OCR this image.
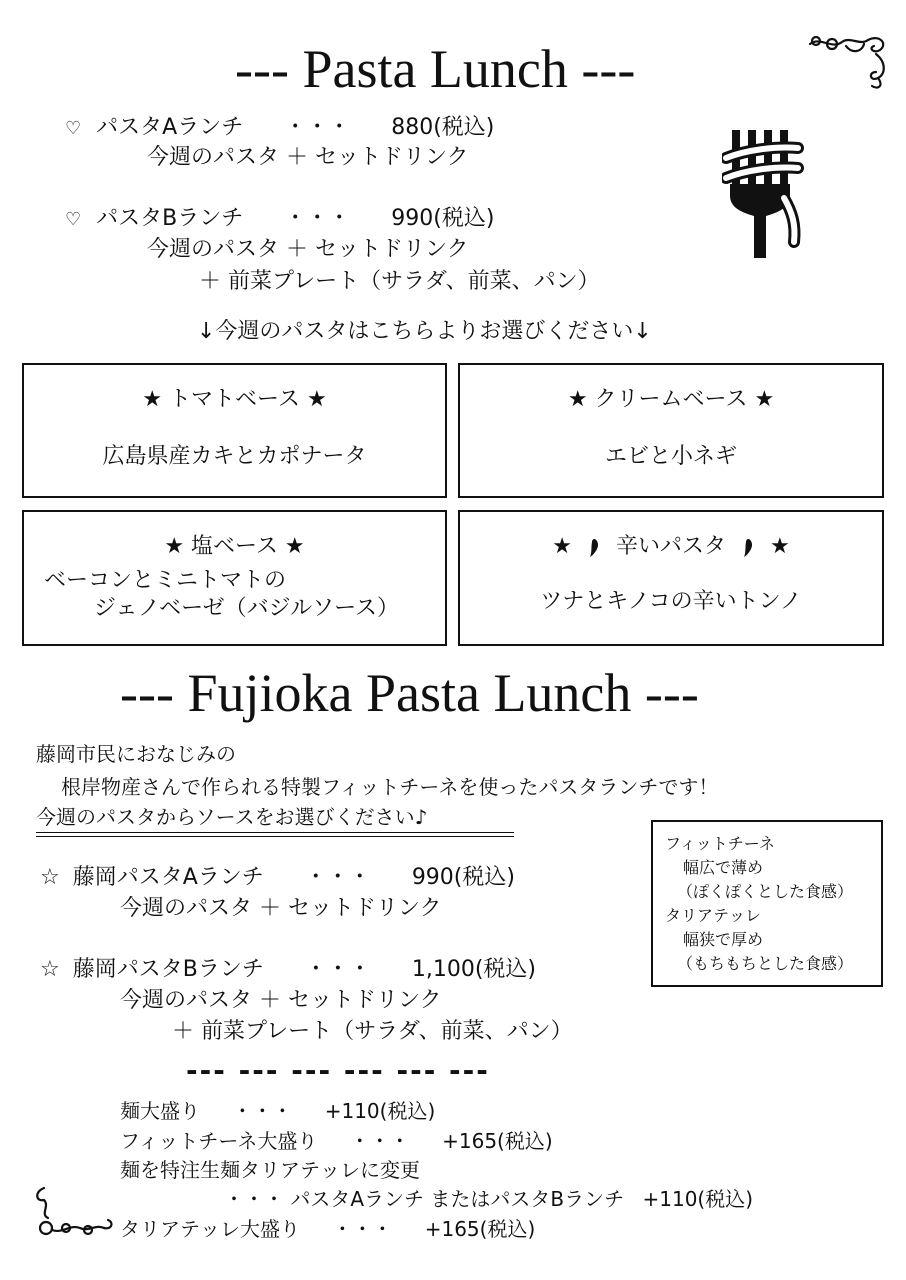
--- Pasta Lunch ---
♡ パスタAランチ ・・・ 880(税込)
今週のパスタ ＋ セットドリンク
♡ パスタBランチ ・・・ 990(税込)
今週のパスタ ＋ セットドリンク
＋ 前菜プレート（サラダ、前菜、パン）
↓今週のパスタはこちらよりお選びください↓
★ トマトベース ★
広島県産カキとカポナータ
★ クリームベース ★
エビと小ネギ
★ 塩ベース ★
ベーコンとミニトマトの
ジェノベーゼ（バジルソース）
★ 辛いパスタ ★
ツナとキノコの辛いトンノ
--- Fujioka Pasta Lunch ---
藤岡市民におなじみの
根岸物産さんで作られる特製フィットチーネを使ったパスタランチです！
今週のパスタからソースをお選びください♪
フィットチーネ
幅広で薄め
（ぽくぽくとした食感）
タリアテッレ
幅狭で厚め
（もちもちとした食感）
☆ 藤岡パスタAランチ ・・・ 990(税込)
今週のパスタ ＋ セットドリンク
☆ 藤岡パスタBランチ ・・・ 1,100(税込)
今週のパスタ ＋ セットドリンク
＋ 前菜プレート（サラダ、前菜、パン）
--- --- --- --- --- ---
麺大盛り ・・・ +110(税込)
フィットチーネ大盛り ・・・ +165(税込)
麺を特注生麺タリアテッレに変更
・・・ パスタAランチ またはパスタBランチ +110(税込)
タリアテッレ大盛り ・・・ +165(税込)
